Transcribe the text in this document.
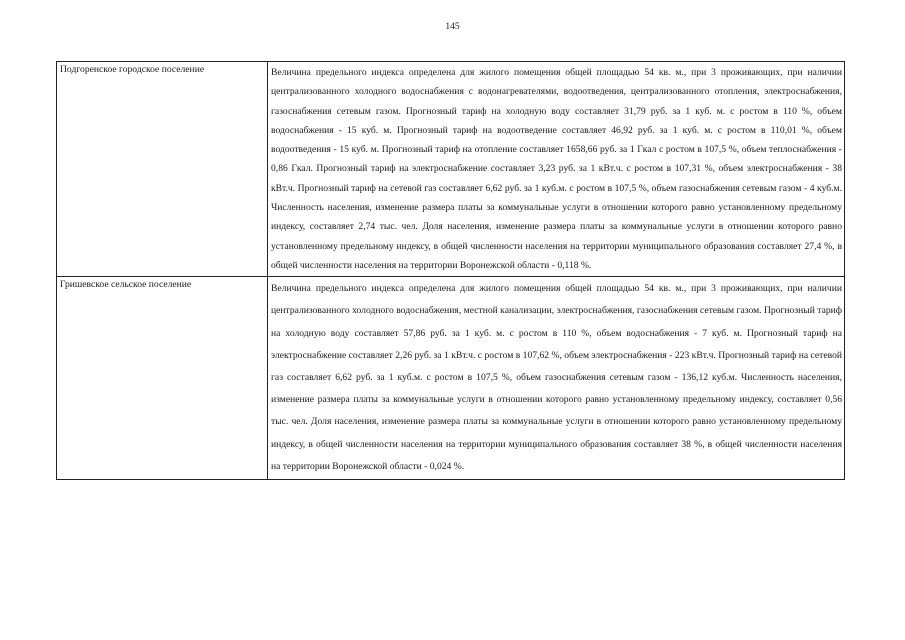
145
Подгоренское городское поселение	Величина предельного индекса определена для жилого помещения общей площадью 54 кв. м., при 3 проживающих, при наличии централизованного холодного водоснабжения с водонагревателями, водоотведения, централизованного отопления, электроснабжения, газоснабжения сетевым газом. Прогнозный тариф на холодную воду составляет 31,79 руб. за 1 куб. м. с ростом в 110 %, объем водоснабжения - 15 куб. м. Прогнозный тариф на водоотведение составляет 46,92 руб. за 1 куб. м. с ростом в 110,01 %, объем водоотведения - 15 куб. м. Прогнозный тариф на отопление составляет 1658,66 руб. за 1 Гкал с ростом в 107,5 %, объем теплоснабжения - 0,86 Гкал. Прогнозный тариф на электроснабжение составляет 3,23 руб. за 1 кВт.ч. с ростом в 107,31 %, объем электроснабжения - 38 кВт.ч. Прогнозный тариф на сетевой газ составляет 6,62 руб. за 1 куб.м. с ростом в 107,5 %, объем газоснабжения сетевым газом - 4 куб.м. Численность населения, изменение размера платы за коммунальные услуги в отношении которого равно установленному предельному индексу, составляет 2,74 тыс. чел. Доля населения, изменение размера платы за коммунальные услуги в отношении которого равно установленному предельному индексу, в общей численности населения на территории муниципального образования составляет 27,4 %, в общей численности населения на территории Воронежской области - 0,118 %.
Гришевское сельское поселение	Величина предельного индекса определена для жилого помещения общей площадью 54 кв. м., при 3 проживающих, при наличии централизованного холодного водоснабжения, местной канализации, электроснабжения, газоснабжения сетевым газом. Прогнозный тариф на холодную воду составляет 57,86 руб. за 1 куб. м. с ростом в 110 %, объем водоснабжения - 7 куб. м. Прогнозный тариф на электроснабжение составляет 2,26 руб. за 1 кВт.ч. с ростом в 107,62 %, объем электроснабжения - 223 кВт.ч. Прогнозный тариф на сетевой газ составляет 6,62 руб. за 1 куб.м. с ростом в 107,5 %, объем газоснабжения сетевым газом - 136,12 куб.м. Численность населения, изменение размера платы за коммунальные услуги в отношении которого равно установленному предельному индексу, составляет 0,56 тыс. чел. Доля населения, изменение размера платы за коммунальные услуги в отношении которого равно установленному предельному индексу, в общей численности населения на территории муниципального образования составляет 38 %, в общей численности населения на территории Воронежской области - 0,024 %.
